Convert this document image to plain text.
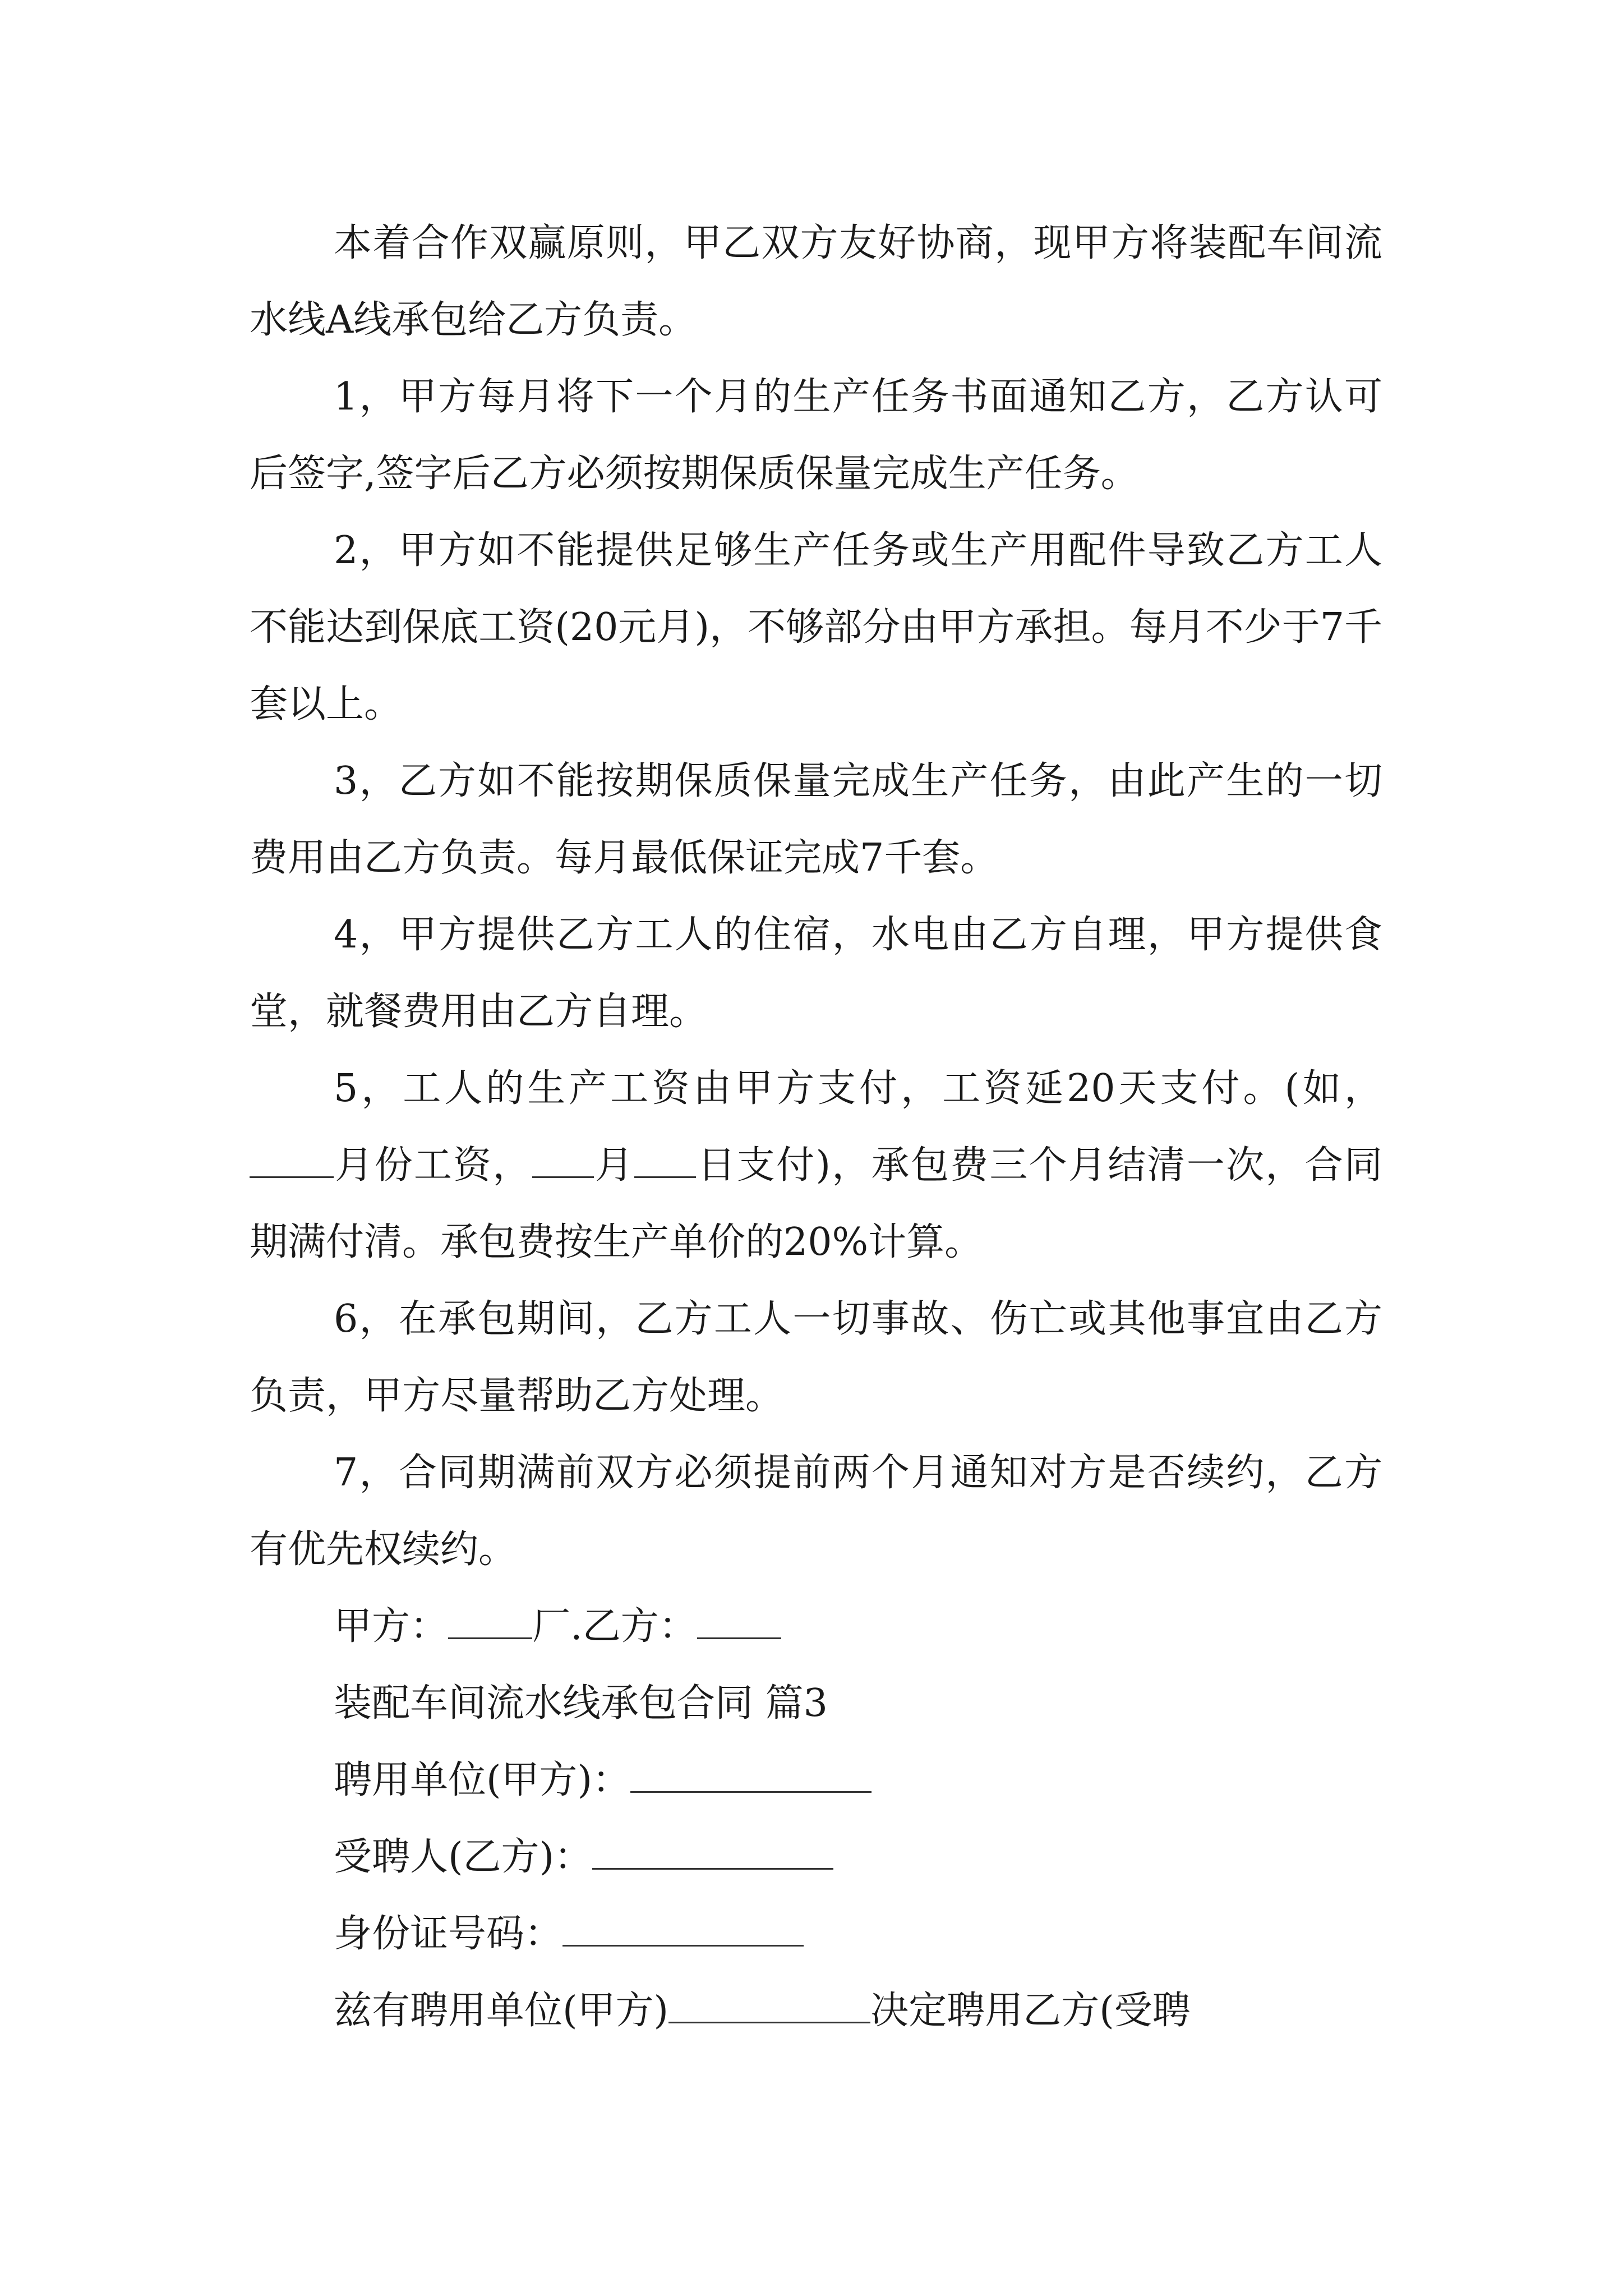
本着合作双赢原则，甲乙双方友好协商，现甲方将装配车间流水线A线承包给乙方负责。

1，甲方每月将下一个月的生产任务书面通知乙方，乙方认可后签字,签字后乙方必须按期保质保量完成生产任务。

2，甲方如不能提供足够生产任务或生产用配件导致乙方工人不能达到保底工资(20元月)，不够部分由甲方承担。每月不少于7千套以上。

3，乙方如不能按期保质保量完成生产任务，由此产生的一切费用由乙方负责。每月最低保证完成7千套。

4，甲方提供乙方工人的住宿，水电由乙方自理，甲方提供食堂，就餐费用由乙方自理。

5，工人的生产工资由甲方支付，工资延20天支付。(如，月份工资， 月 日支付)，承包费三个月结清一次，合同期满付清。承包费按生产单价的20%计算。

6，在承包期间，乙方工人一切事故、伤亡或其他事宜由乙方负责，甲方尽量帮助乙方处理。

7，合同期满前双方必须提前两个月通知对方是否续约，乙方有优先权续约。

甲方： 厂.乙方：

装配车间流水线承包合同 篇3

聘用单位(甲方)：

受聘人(乙方)：

身份证号码：

兹有聘用单位(甲方)	决定聘用乙方(受聘
